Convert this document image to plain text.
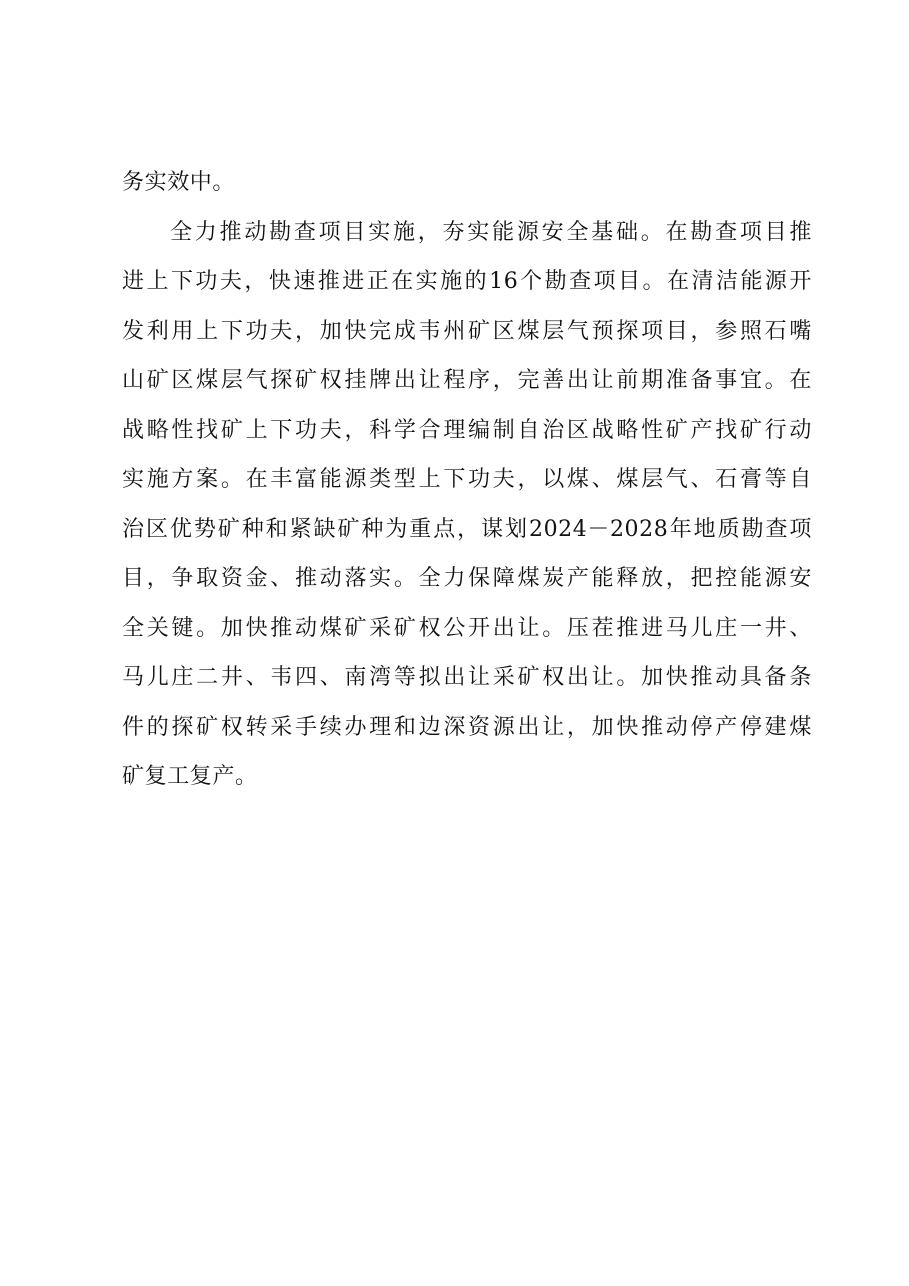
务实效中。
全力推动勘查项目实施，夯实能源安全基础。在勘查项目推
进上下功夫，快速推进正在实施的16个勘查项目。在清洁能源开
发利用上下功夫，加快完成韦州矿区煤层气预探项目，参照石嘴
山矿区煤层气探矿权挂牌出让程序，完善出让前期准备事宜。在
战略性找矿上下功夫，科学合理编制自治区战略性矿产找矿行动
实施方案。在丰富能源类型上下功夫，以煤、煤层气、石膏等自
治区优势矿种和紧缺矿种为重点，谋划2024－2028年地质勘查项
目，争取资金、推动落实。全力保障煤炭产能释放，把控能源安
全关键。加快推动煤矿采矿权公开出让。压茬推进马儿庄一井、
马儿庄二井、韦四、南湾等拟出让采矿权出让。加快推动具备条
件的探矿权转采手续办理和边深资源出让，加快推动停产停建煤
矿复工复产。
